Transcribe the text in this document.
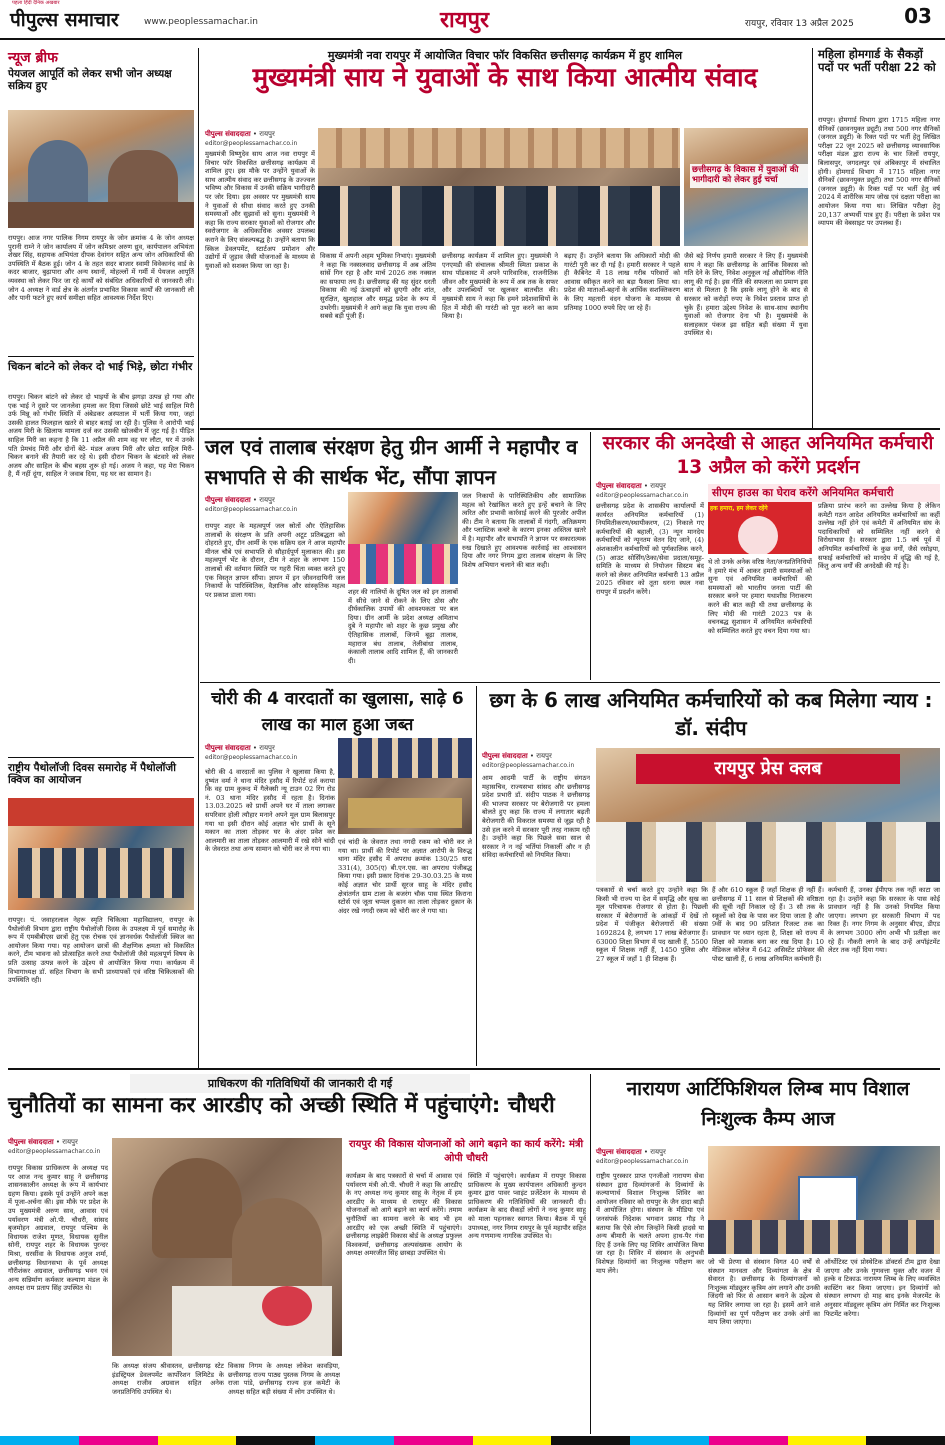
पीपुल्स समाचार
पहला हिंदी दैनिक अखबार
www.peoplessamachar.in	रायपुर	रायपुर, रविवार 13 अप्रैल 2025	03
न्यूज ब्रीफ
पेयजल आपूर्ति को लेकर सभी जोन अध्यक्ष सक्रिय हुए
रायपुर। आज नगर पालिक निगम रायपुर के जोन क्रमांक 4 के जोन अध्यक्ष पुरानी राम्ने ने जोन कार्यालय में जोन कमिश्नर अरुण ध्रुव, कार्यपालन अभियंता शेखर सिंह, सहायक अभियंता दीपक देवांगन सहित अन्य जोन अधिकारियों की उपस्थिति में बैठक हुई। जोन 4 के तहत सदर बाजार स्वामी विवेकानंद वार्ड के कदर बाजार, बुढ़ापारा और अन्य स्थानों, मोहल्लों में गर्मी में पेयजल आपूर्ति व्यवस्था को लेकर फिर जा रहे कार्यों को संबंधित अधिकारियों से जानकारी ली। जोन 4 अध्यक्ष ने वार्ड क्षेत्र के अंतर्गत प्रभावित विकास कार्यों की जानकारी ली और पानी फटने हुए कार्य समीक्षा सहित आवश्यक निर्देश दिए।
चिकन बांटने को लेकर दो भाई भिड़े, छोटा गंभीर
रायपुर। चिकन बांटने को लेकर दो भाइयों के बीच झगड़ा उत्पन्न हो गया और एक भाई ने दूसरे पर जानलेवा हमला कर दिया जिससे छोटे भाई साहिल मिरी उर्फ मिन्नू को गंभीर स्थिति में अंबेडकर अस्पताल में भर्ती किया गया, जहां उसकी हालत फिलहाल खतरे से बाहर बताई जा रही है। पुलिस ने आरोपी भाई अजय मिरी के खिलाफ मामला दर्ज कर उसकी खोजबीन में जुट गई है। पीड़ित साहिल मिरी का कहना है कि 11 अप्रैल की शाम वह घर लौटा, घर में उनके पति प्रेमचंद मिरी और दोनों बेटे- मंडल अजय मिरी और छोटा साहिल मिरी-चिकन बनाने की तैयारी कर रहे थे। इसी दौरान चिकन के बंटवारे को लेकर अजय और साहिल के बीच बहस शुरू हो गई। अजय ने कहा, यह मेरा चिकन है, मैं नहीं दूंगा, साहिल ने जवाब दिया, यह घर का सामान है।
राष्ट्रीय पैथोलॉजी दिवस समारोह में पैथोलॉजी क्विज का आयोजन
रायपुर। पं. जवाहरलाल नेहरू स्मृति चिकित्सा महाविद्यालय, रायपुर के पैथोलॉजी विभाग द्वारा राष्ट्रीय पैथोलॉजी दिवस के उपलक्ष्य में पूर्व समारोह के रूप में एमबीबीएस छात्रों हेतु एक रोचक एवं ज्ञानवर्धक पैथोलॉजी क्विज का आयोजन किया गया। यह आयोजन छात्रों की शैक्षणिक क्षमता को विकसित करने, टीम भावना को प्रोत्साहित करने तथा पैथोलॉजी जैसे महत्वपूर्ण विषय के प्रति उत्साह उत्पन्न करने के उद्देश्य से आयोजित किया गया। कार्यक्रम में विभागाध्यक्ष डॉ. सहित विभाग के सभी प्राध्यापकों एवं वरिष्ठ चिकित्सकों की उपस्थिति रही।
मुख्यमंत्री नवा रायपुर में आयोजित विचार फॉर विकसित छत्तीसगढ़ कार्यक्रम में हुए शामिल
मुख्यमंत्री साय ने युवाओं के साथ किया आत्मीय संवाद
पीपुल्स संवाददाता • रायपुर
editor@peoplessamachar.co.in
छत्तीसगढ़ के विकास में युवाओं की भागीदारी को लेकर हुई चर्चा
मुख्यमंत्री विष्णुदेव साय आज नवा रायपुर में विचार फॉर विकसित छत्तीसगढ़ कार्यक्रम में शामिल हुए। इस मौके पर उन्होंने युवाओं के साथ आत्मीय संवाद कर छत्तीसगढ़ के उज्ज्वल भविष्य और विकास में उनकी सक्रिय भागीदारी पर जोर दिया। इस अवसर पर मुख्यमंत्री साय ने युवाओं से सीधा संवाद करते हुए उनकी समस्याओं और सुझावों को सुना। मुख्यमंत्री ने कहा कि राज्य सरकार युवाओं को रोजगार और स्वरोजगार के अधिकाधिक अवसर उपलब्ध कराने के लिए संकल्पबद्ध है। उन्होंने बताया कि स्किल डेवलपमेंट, स्टार्टअप प्रमोशन और उद्योगों में जुड़ाव जैसी योजनाओं के माध्यम से युवाओं को सशक्त किया जा रहा है।
विकास में अपनी अहम भूमिका निभाएं। मुख्यमंत्री ने कहा कि नक्सलवाद छत्तीसगढ़ में अब अंतिम सांसें गिन रहा है और मार्च 2026 तक नक्सल का सफाया तय है। छत्तीसगढ़ की यह सुंदर धरती विकास की नई ऊंचाइयों को छूएगी और शांत, सुरक्षित, खुशहाल और समृद्ध प्रदेश के रूप में उभरेगी। मुख्यमंत्री ने आगे कहा कि युवा राज्य की सबसे बड़ी पूंजी हैं।
छत्तीसगढ़ कार्यक्रम में शामिल हुए। मुख्यमंत्री ने एनएमडी की संचालक श्रीमती स्मिता प्रकाश के साथ पॉडकास्ट में अपने पारिवारिक, राजनीतिक जीवन और मुख्यमंत्री के रूप में अब तक के सफर और उपलब्धियों पर खुलकर बातचीत की। मुख्यमंत्री साय ने कहा कि हमने प्रदेशवासियों के हित में मोदी की गारंटी को पूरा करने का काम किया है।
बढ़ाए हैं। उन्होंने बताया कि अधिकारों मोदी की गारंटी पूरी कर दी गई है। हमारी सरकार ने पहले ही कैबिनेट में 18 लाख गरीब परिवारों को आवास स्वीकृत करने का बड़ा फैसला लिया था। प्रदेश की माताओं-बहनों के आर्थिक सशक्तिकरण के लिए महतारी वंदन योजना के माध्यम से प्रतिमाह 1000 रुपये दिए जा रहे हैं।
जैसे बड़े निर्णय हमारी सरकार ने लिए हैं। मुख्यमंत्री साय ने कहा कि छत्तीसगढ़ के आर्थिक विकास को गति देने के लिए, निवेश अनुकूल नई औद्योगिक नीति लागू की गई है। इस नीति की सफलता का प्रमाण इस बात से मिलता है कि इसके लागू होने के बाद से सरकार को करोड़ों रुपए के निवेश प्रस्ताव प्राप्त हो चुके हैं। हमारा उद्देश्य निवेश के साथ-साथ स्थानीय युवाओं को रोजगार देना भी है। मुख्यमंत्री के सलाहकार पंकज झा सहित बड़ी संख्या में युवा उपस्थित थे।
महिला होमगार्ड के सैकड़ों पदों पर भर्ती परीक्षा 22 को
रायपुर। होमगार्ड विभाग द्वारा 1715 महिला नगर सैनिकों (छावनयुक्त ड्यूटी) तथा 500 नगर सैनिकों (जनरल ड्यूटी) के रिक्त पदों पर भर्ती हेतु लिखित परीक्षा 22 जून 2025 को छत्तीसगढ़ व्यावसायिक परीक्षा मंडल द्वारा राज्य के चार जिलों रायपुर, बिलासपुर, जगदलपुर एवं अंबिकापुर में संचालित होगी। होमगार्ड विभाग में 1715 महिला नगर सैनिकों (छावनयुक्त ड्यूटी) तथा 500 नगर सैनिकों (जनरल ड्यूटी) के रिक्त पदों पर भर्ती हेतु वर्ष 2024 में शारीरिक माप जोख एवं दक्षता परीक्षा का आयोजन किया गया था। लिखित परीक्षा हेतु 20,137 अभ्यर्थी पात्र हुए हैं। परीक्षा के प्रवेश पत्र व्यापम की वेबसाइट पर उपलब्ध हैं।
जल एवं तालाब संरक्षण हेतु ग्रीन आर्मी ने महापौर व सभापति से की सार्थक भेंट, सौंपा ज्ञापन
पीपुल्स संवाददाता • रायपुर
editor@peoplessamachar.co.in
रायपुर शहर के महत्वपूर्ण जल स्रोतों और ऐतिहासिक तालाबों के संरक्षण के प्रति अपनी अटूट प्रतिबद्धता को दोहराते हुए, ग्रीन आर्मी के एक सक्रिय दल ने आज महापौर मीनल चौबे एवं सभापति से सौहार्दपूर्ण मुलाकात की। इस महत्वपूर्ण भेंट के दौरान, टीम ने शहर के लगभग 150 तालाबों की वर्तमान स्थिति पर गहरी चिंता व्यक्त करते हुए एक विस्तृत ज्ञापन सौंपा। ज्ञापन में इन जीवनदायिनी जल निकायों के पारिस्थितिक, वैज्ञानिक और सांस्कृतिक महत्व पर प्रकाश डाला गया।	शहर की नालियों के दूषित जल को इन तालाबों में सीधे जाने से रोकने के लिए ठोस और दीर्घकालिक उपायों की आवश्यकता पर बल दिया। ग्रीन आर्मी के प्रदेश अध्यक्ष अमिताभ दुबे ने महापौर को शहर के कुछ प्रमुख और ऐतिहासिक तालाबों, जिनमें बूढ़ा तालाब, महाराज बंध तालाब, तेलीबांधा तालाब, कंकाली तालाब आदि शामिल हैं, की जानकारी दी।
जल निकायों के पारिस्थितिकीय और सामाजिक महत्व को रेखांकित करते हुए इन्हें बचाने के लिए त्वरित और प्रभावी कार्रवाई करने की पुरजोर अपील की। टीम ने बताया कि तालाबों में गंदगी, अतिक्रमण और प्लास्टिक कचरे के कारण इनका अस्तित्व खतरे में है। महापौर और सभापति ने ज्ञापन पर सकारात्मक रुख दिखाते हुए आवश्यक कार्रवाई का आश्वासन दिया और नगर निगम द्वारा तालाब संरक्षण के लिए विशेष अभियान चलाने की बात कही।
सरकार की अनदेखी से आहत अनियमित कर्मचारी 13 अप्रैल को करेंगे प्रदर्शन
पीपुल्स संवाददाता • रायपुर
editor@peoplessamachar.co.in	सीएम हाउस का घेराव करेंगे अनियमित कर्मचारी
हक हमारा, हम लेकर रहेंगे
छत्तीसगढ़ प्रदेश के शासकीय कार्यालयों में कार्यरत अनियमित कर्मचारियों (1) नियमितीकरण/स्थायीकरण, (2) निकाले गए कर्मचारियों की बहाली, (3) न्यून मानदेय कर्मचारियों को न्यूनतम वेतन दिए जाने, (4) अंशकालीन कर्मचारियों को पूर्णकालिक करने, (5) आउट सोर्सिंग/ठेका/सेवा प्रदाता/समूह-समिति के माध्यम से नियोजन सिस्टम बंद करने को लेकर अनियमित कर्मचारी 13 अप्रैल 2025 रविवार को तूता धरना स्थल नवा रायपुर में प्रदर्शन करेंगे।
थे तो उनके अनेक वरिष्ठ नेता/जनप्रतिनिधियों ने हमारे मंच में आकर हमारी समस्याओं को सुना एवं अनियमित कर्मचारियों की समस्याओं को भारतीय जनता पार्टी की सरकार बनने पर हमारा यथाशीघ्र निराकरण करने की बात कही थी तथा छत्तीसगढ़ के लिए मोदी की गारंटी 2023 पत्र के वचनबद्ध सुशासन में अनियमित कर्मचारियों को सम्मिलित करते हुए वचन दिया गया था।
प्रक्रिया प्रारंभ करने का उल्लेख किया है लेकिन कमेटी गठन आदेश अनियमित कर्मचारियों का कहीं उल्लेख नहीं होने एवं कमेटी में अनियमित संघ के पदाधिकारियों को सम्मिलित नहीं करने से विरोधाभास है। सरकार द्वारा 1.5 वर्ष पूर्व में अनियमित कर्मचारियों के कुछ वर्गों, जैसे रसोइया, सफाई कर्मचारियों को मानदेय में वृद्धि की गई है, किंतु अन्य वर्गों की अनदेखी की गई है।
चोरी की 4 वारदातों का खुलासा, साढ़े 6 लाख का माल हुआ जब्त
पीपुल्स संवाददाता • रायपुर
editor@peoplessamachar.co.in
चोरी की 4 वारदातों का पुलिस ने खुलासा किया है, दुष्यंत वर्मा ने थाना मंदिर हसौद में रिपोर्ट दर्ज कराया कि वह ग्राम कुरूद में गैलेक्सी न्यू टाउन 02 रिंग रोड नं. 03 थाना मंदिर हसौद में रहता है। दिनांक 13.03.2025 को प्रार्थी अपने घर में ताला लगाकर सपरिवार होली त्यौहार मनाने अपने मूल ग्राम बिलासपुर गया था इसी दौरान कोई अज्ञात चोर प्रार्थी के सूने मकान का ताला तोड़कर घर के अंदर प्रवेश कर आलमारी का ताला तोड़कर आलमारी में रखे सोने चांदी के जेवरात तथा अन्य सामान को चोरी कर ले गया था।
एवं चांदी के जेवरात तथा नगदी रकम को चोरी कर ले गया था। प्रार्थी की रिपोर्ट पर अज्ञात आरोपी के विरुद्ध थाना मंदिर हसौद में अपराध क्रमांक 130/25 धारा 331(4), 305(ए) बी.एन.एस. का अपराध पंजीबद्ध किया गया। इसी प्रकार दिनांक 29-30.03.25 के मध्य कोई अज्ञात चोर प्रार्थी सूरज साहू के मंदिर हसौद क्षेत्रांतर्गत ग्राम टाला के बजरंग चौक पास स्थित किराना स्टोर्स एवं जूता चप्पल दुकान का ताला तोड़कर दुकान के अंदर रखे नगदी रकम को चोरी कर ले गया था।
छग के 6 लाख अनियमित कर्मचारियों को कब मिलेगा न्याय : डॉ. संदीप
पीपुल्स संवाददाता • रायपुर
editor@peoplessamachar.co.in
आम आदमी पार्टी के राष्ट्रीय संगठन महासचिव, राज्यसभा सांसद और छत्तीसगढ़ प्रदेश प्रभारी डॉ. संदीप पाठक ने छत्तीसगढ़ की भाजपा सरकार पर बेरोजगारी पर हमला बोलते हुए कहा कि राज्य में लगातार बढ़ती बेरोजगारी की विकराल समस्या से जूझ रही है उसे हल करने में सरकार पूरी तरह नाकाम रही है। उन्होंने कहा कि पिछले सवा साल से सरकार ने न नई भर्तियां निकालीं और न ही संविदा कर्मचारियों को नियमित किया।
रायपुर प्रेस क्लब
पत्रकारों से चर्चा करते हुए उन्होंने कहा कि किसी भी राज्य या देश में समृद्धि और सुख का मूल परिचायक रोजगार से होता है। पिछली सरकार में बेरोजगारों के आंकड़ों में देखें तो प्रदेश में पंजीकृत बेरोजगारों की संख्या 1692824 है, लगभग 17 लाख बेरोजगार हैं। 63000 शिक्षा विभाग में पद खाली हैं, 5500 स्कूल में शिक्षक नहीं हैं, 1450 पुलिस और 27 स्कूल में जहाँ 1 ही शिक्षक हैं।
हैं और 610 स्कूल हैं जहाँ शिक्षक ही नहीं हैं। छत्तीसगढ़ में 11 साल से शिक्षकों की वरिष्ठता की सूची नहीं निकाल रहे हैं। 3 सौ तक के स्कूलों को देख के पास कर दिया जाता है और 9वीं के बाद 90 प्रतिशत रिजल्ट तक का प्रावधान पर ध्यान रहता है, शिक्षा को राज्य में शिक्षा को मजाक बना कर रख दिया है। 10 मेडिकल कॉलेज में 642 असिस्टेंट प्रोफेसर की पोस्ट खाली हैं, 6 लाख अनियमित कर्मचारी हैं।
कर्मचारी हैं, उनका ईपीएफ तक नहीं काटा जा रहा है। उन्होंने कहा कि सरकार के पास कोई प्रावधान नहीं है कि उनको नियमित किया जाएगा। लगभग हर सरकारी विभाग में पद रिक्त हैं। नगर निगम के अनुसार बीएड, डीएड के लगभग 3000 लोग अभी भी प्रतीक्षा कर रहे हैं। नौकरी लगने के बाद उन्हें अपॉइंटमेंट लेटर तक नहीं दिया गया।
प्राधिकरण की गतिविधियों की जानकारी दी गई
चुनौतियों का सामना कर आरडीए को अच्छी स्थिति में पहुंचाएंगे: चौधरी
पीपुल्स संवाददाता • रायपुर
editor@peoplessamachar.co.in
रायपुर विकास प्राधिकरण के अध्यक्ष पद पर आज नन्द कुमार साहू ने छत्तीसगढ़ शासनकालीन अध्यक्ष के रूप में कार्यभार ग्रहण किया। इसके पूर्व उन्होंने अपने कक्ष में पूजा-अर्चना की। इस मौके पर प्रदेश के उप मुख्यमंत्री अरुण साव, आवास एवं पर्यावरण मंत्री ओ.पी. चौधरी, सांसद बृजमोहन अग्रवाल, रायपुर पश्चिम के विधायक राजेश मूणत, विधायक सुनील सोनी, रायपुर शहर के विधायक पुरन्दर मिश्रा, धरसींवा के विधायक अनुज शर्मा, छत्तीसगढ़ विधानसभा के पूर्व अध्यक्ष गौरीशंकर अग्रवाल, छत्तीसगढ़ भवन एवं अन्य सन्निर्माण कर्मकार कल्याण मंडल के अध्यक्ष राम प्रताप सिंह उपस्थित थे।
कि अध्यक्ष संजय श्रीवास्तव, छत्तीसगढ़ स्टेट इंडस्ट्रियल डेवलपमेंट कार्पोरेशन लिमिटेड के अध्यक्ष राजीव अग्रवाल सहित अनेक जनप्रतिनिधि उपस्थित थे।
विकास निगम के अध्यक्ष लोकेश कावड़िया, छत्तीसगढ़ राज्य पाठ्य पुस्तक निगम के अध्यक्ष राजा पांडे, छत्तीसगढ़ राज्य हज कमेटी के अध्यक्ष सहित बड़ी संख्या में लोग उपस्थित थे।
रायपुर की विकास योजनाओं को आगे बढ़ाने का कार्य करेंगे: मंत्री ओपी चौधरी
कार्यक्रम के बाद पत्रकारों से चर्चा में आवास एवं पर्यावरण मंत्री ओ.पी. चौधरी ने कहा कि आरडीए के नए अध्यक्ष नन्द कुमार साहू के नेतृत्व में हम आरडीए के माध्यम से रायपुर की विकास योजनाओं को आगे बढ़ाने का कार्य करेंगे। तमाम चुनौतियों का सामना करने के बाद भी हम आरडीए को एक अच्छी स्थिति में पहुंचाएंगे। छत्तीसगढ़ लाइब्रेरी विकास बोर्ड के अध्यक्ष प्रफुल्ल विश्वकर्मा, छत्तीसगढ़ अल्पसंख्यक आयोग के अध्यक्ष अमरजीत सिंह छाबड़ा उपस्थित थे।
स्थिति में पहुंचाएंगे। कार्यक्रम में रायपुर विकास प्राधिकरण के मुख्य कार्यपालन अधिकारी कुन्दन कुमार द्वारा पावर प्वाइंट प्रजेंटेशन के माध्यम से प्राधिकरण की गतिविधियों की जानकारी दी। कार्यक्रम के बाद सैकड़ों लोगों ने नन्द कुमार साहू को माला पहनाकर स्वागत किया। बैठक में पूर्व उपाध्यक्ष, नगर निगम रायपुर के पूर्व महापौर सहित अन्य गणमान्य नागरिक उपस्थित थे।
नारायण आर्टिफिशियल लिम्ब माप विशाल निःशुल्क कैम्प आज
पीपुल्स संवाददाता • रायपुर
editor@peoplessamachar.co.in
राष्ट्रीय पुरस्कार प्राप्त एनजीओ नारायण सेवा संस्थान द्वारा दिव्यांगजनों के दिव्यांगों के कल्याणार्थ विशाल निःशुल्क शिविर का आयोजन रविवार को रायपुर के जैन दादा बाड़ी में आयोजित होगा। संस्थान के मीडिया एवं जनसंपर्क निदेशक भगवान प्रसाद गौड़ ने बताया कि ऐसे लोग जिन्होंने किसी हादसे या अन्य बीमारी के चलते अपना हाथ-पैर गंवा दिए हैं उनके लिए यह शिविर आयोजित किया जा रहा है। शिविर में संस्थान के अनुभवी विशेषज्ञ दिव्यांगों का निःशुल्क परीक्षण कर माप लेंगे।
जो भी प्रेरणा से संस्थान विगत 40 वर्षों से संस्थान मानवता और दिव्यांगता के क्षेत्र में सेवारत है। छत्तीसगढ़ के दिव्यांगजनों को निःशुल्क मॉड्यूलर कृत्रिम अंग लगाने और उनकी जिंदगी को फिर से आसान बनाने के उद्देश्य से यह शिविर लगाया जा रहा है। इसमें आने वाले दिव्यांगों का पूर्ण परीक्षण कर उनके अंगों का माप लिया जाएगा।
ऑर्थोटिस्ट एवं प्रोस्थेटिक डॉक्टर्स टीम द्वारा देखा जाएगा और उनके गुणवत्ता युक्त और वजन में हल्के व टिकाऊ नारायण लिम्ब के लिए व्यवस्थित कास्टिंग कर किया जाएगा। इन दिव्यांगों को संस्थान लगभग दो माह बाद इनके मेजरमेंट के अनुसार मॉड्यूलर कृत्रिम अंग निर्मित कर निःशुल्क फिटमेंट करेगा।
